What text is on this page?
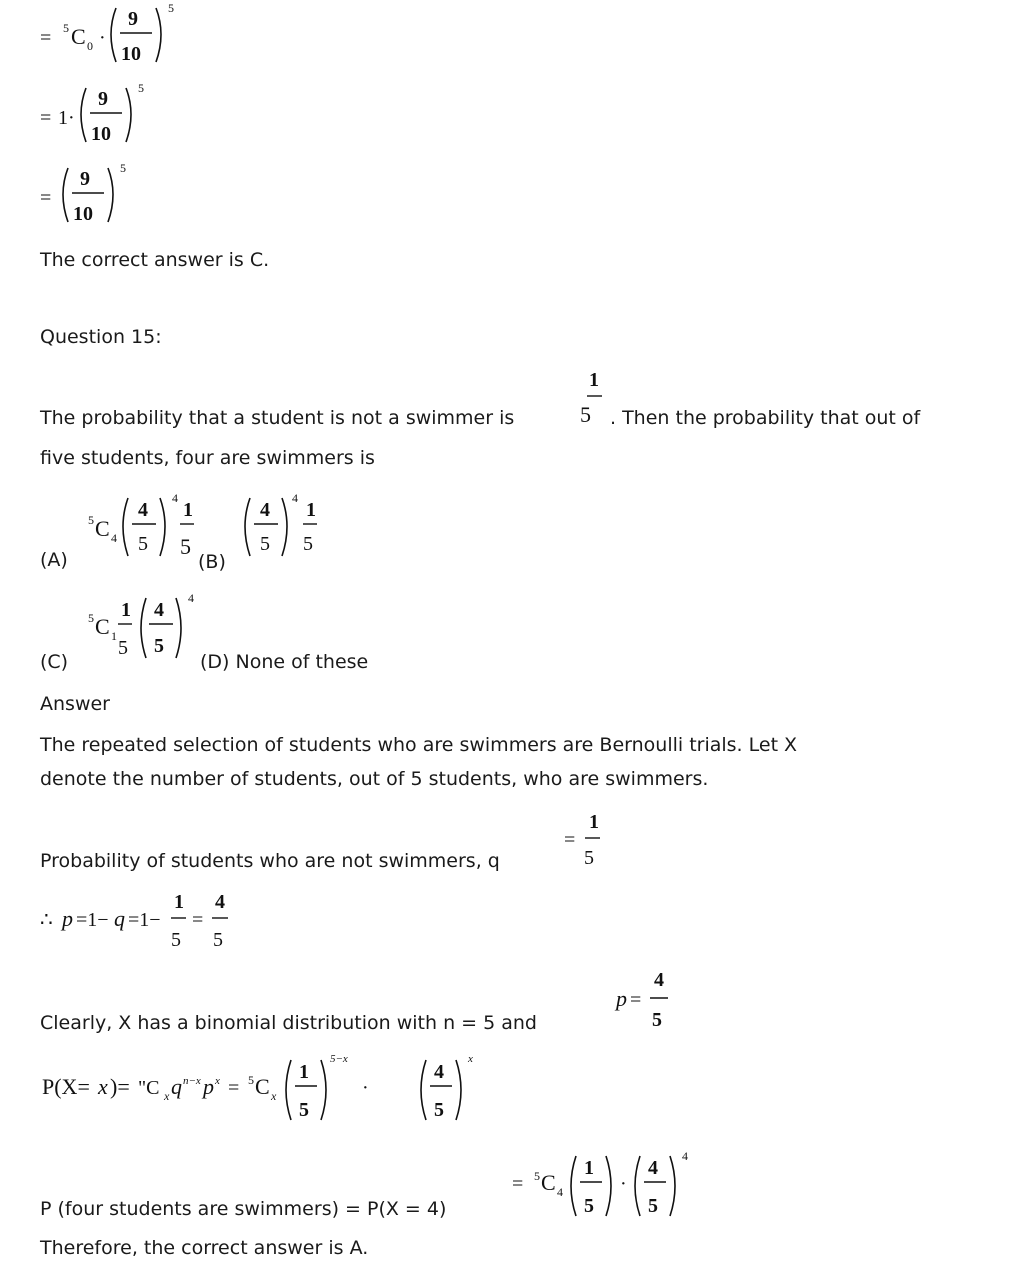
= 5 C 0 ·
9
10
5
= 1·
9
10
5
=
9
10
5
The correct answer is C.
Question 15:
The probability that a student is not a swimmer is
1
5 . Then the probability that out of
five students, four are swimmers is
(A)
5 C 4
4
5
4
1
5
(B)
4
5
4
1
5
(C)
5 C 1
1
5
4
5
4
(D) None of these
Answer
The repeated selection of students who are swimmers are Bernoulli trials. Let X
denote the number of students, out of 5 students, who are swimmers.
Probability of students who are not swimmers, q
=
1
5
∴ p =1− q =1−
1
5
=
4
5
Clearly, X has a binomial distribution with n = 5 and
p =
4
5
P(X= x )= "C x q n−x p x = 5 C x
1
5
5−x
·
4
5
x
= 5 C 4
1
5
·
4
5
4
P (four students are swimmers) = P(X = 4)
Therefore, the correct answer is A.
